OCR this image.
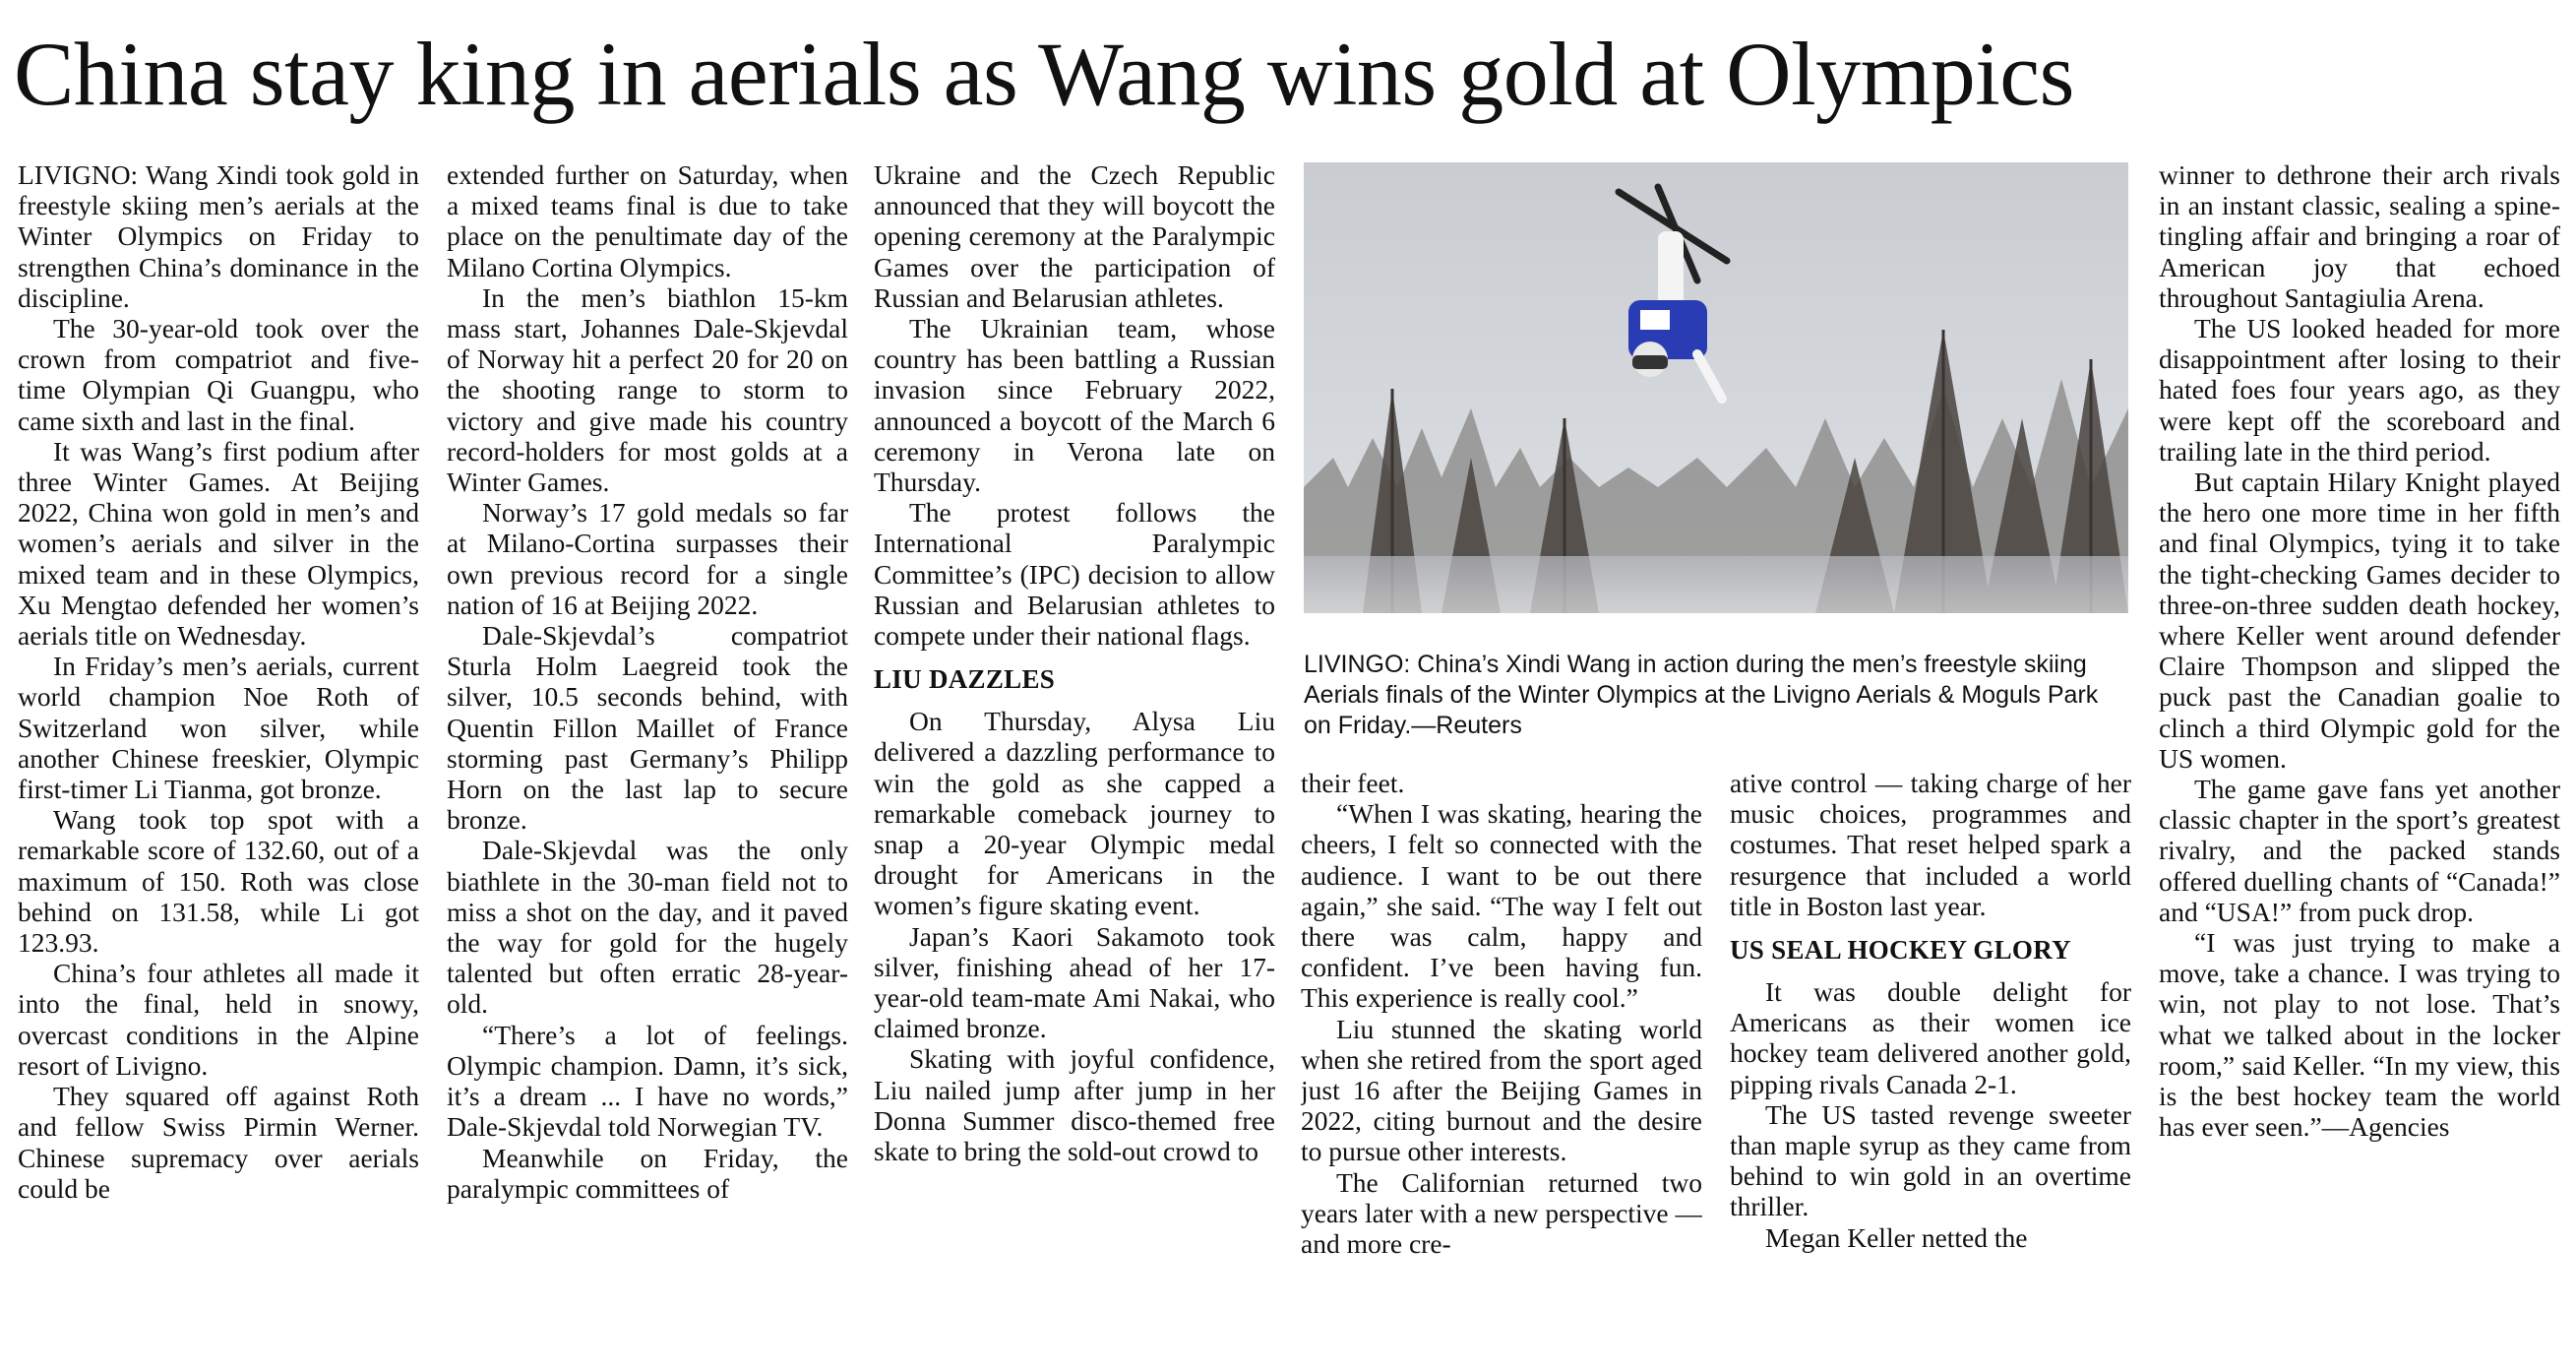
China stay king in aerials as Wang wins gold at Olympics

LIVIGNO: Wang Xindi took gold in freestyle skiing men’s aerials at the Winter Olympics on Friday to strengthen China’s dominance in the discipline.

The 30-year-old took over the crown from compatriot and five-time Olympian Qi Guangpu, who came sixth and last in the final.

It was Wang’s first podium after three Winter Games. At Beijing 2022, China won gold in men’s and women’s aerials and silver in the mixed team and in these Olympics, Xu Mengtao defended her women’s aerials title on Wednesday.

In Friday’s men’s aerials, current world champion Noe Roth of Switzerland won silver, while another Chinese freeskier, Olympic first-timer Li Tianma, got bronze.

Wang took top spot with a remarkable score of 132.60, out of a maximum of 150. Roth was close behind on 131.58, while Li got 123.93.

China’s four athletes all made it into the final, held in snowy, overcast conditions in the Alpine resort of Livigno.

They squared off against Roth and fellow Swiss Pirmin Werner. Chinese supremacy over aerials could be

extended further on Saturday, when a mixed teams final is due to take place on the penultimate day of the Milano Cortina Olympics.

In the men’s biathlon 15-km mass start, Johannes Dale-Skjevdal of Norway hit a perfect 20 for 20 on the shooting range to storm to victory and give made his country record-holders for most golds at a Winter Games.

Norway’s 17 gold medals so far at Milano-Cortina surpasses their own previous record for a single nation of 16 at Beijing 2022.

Dale-Skjevdal’s compatriot Sturla Holm Laegreid took the silver, 10.5 seconds behind, with Quentin Fillon Maillet of France storming past Germany’s Philipp Horn on the last lap to secure bronze.

Dale-Skjevdal was the only biathlete in the 30-man field not to miss a shot on the day, and it paved the way for gold for the hugely talented but often erratic 28-year-old.

“There’s a lot of feelings. Olympic champion. Damn, it’s sick, it’s a dream ... I have no words,” Dale-Skjevdal told Norwegian TV.

Meanwhile on Friday, the paralympic committees of

Ukraine and the Czech Republic announced that they will boycott the opening ceremony at the Paralympic Games over the participation of Russian and Belarusian athletes.

The Ukrainian team, whose country has been battling a Russian invasion since February 2022, announced a boycott of the March 6 ceremony in Verona late on Thursday.

The protest follows the International Paralympic Committee’s (IPC) decision to allow Russian and Belarusian athletes to compete under their national flags.

LIU DAZZLES

On Thursday, Alysa Liu delivered a dazzling performance to win the gold as she capped a remarkable comeback journey to snap a 20-year Olympic medal drought for Americans in the women’s figure skating event.

Japan’s Kaori Sakamoto took silver, finishing ahead of her 17-year-old team-mate Ami Nakai, who claimed bronze.

Skating with joyful confidence, Liu nailed jump after jump in her Donna Summer disco-themed free skate to bring the sold-out crowd to

LIVINGO: China’s Xindi Wang in action during the men’s freestyle skiing Aerials finals of the Winter Olympics at the Livigno Aerials & Moguls Park on Friday.—Reuters

their feet.

“When I was skating, hearing the cheers, I felt so connected with the audience. I want to be out there again,” she said. “The way I felt out there was calm, happy and confident. I’ve been having fun. This experience is really cool.”

Liu stunned the skating world when she retired from the sport aged just 16 after the Beijing Games in 2022, citing burnout and the desire to pursue other interests.

The Californian returned two years later with a new perspective — and more cre-

ative control — taking charge of her music choices, programmes and costumes. That reset helped spark a resurgence that included a world title in Boston last year.

US SEAL HOCKEY GLORY

It was double delight for Americans as their women ice hockey team delivered another gold, pipping rivals Canada 2-1.

The US tasted revenge sweeter than maple syrup as they came from behind to win gold in an overtime thriller.

Megan Keller netted the

winner to dethrone their arch rivals in an instant classic, sealing a spine-tingling affair and bringing a roar of American joy that echoed throughout Santagiulia Arena.

The US looked headed for more disappointment after losing to their hated foes four years ago, as they were kept off the scoreboard and trailing late in the third period.

But captain Hilary Knight played the hero one more time in her fifth and final Olympics, tying it to take the tight-checking Games decider to three-on-three sudden death hockey, where Keller went around defender Claire Thompson and slipped the puck past the Canadian goalie to clinch a third Olympic gold for the US women.

The game gave fans yet another classic chapter in the sport’s greatest rivalry, and the packed stands offered duelling chants of “Canada!” and “USA!” from puck drop.

“I was just trying to make a move, take a chance. I was trying to win, not play to not lose. That’s what we talked about in the locker room,” said Keller. “In my view, this is the best hockey team the world has ever seen.”—Agencies
